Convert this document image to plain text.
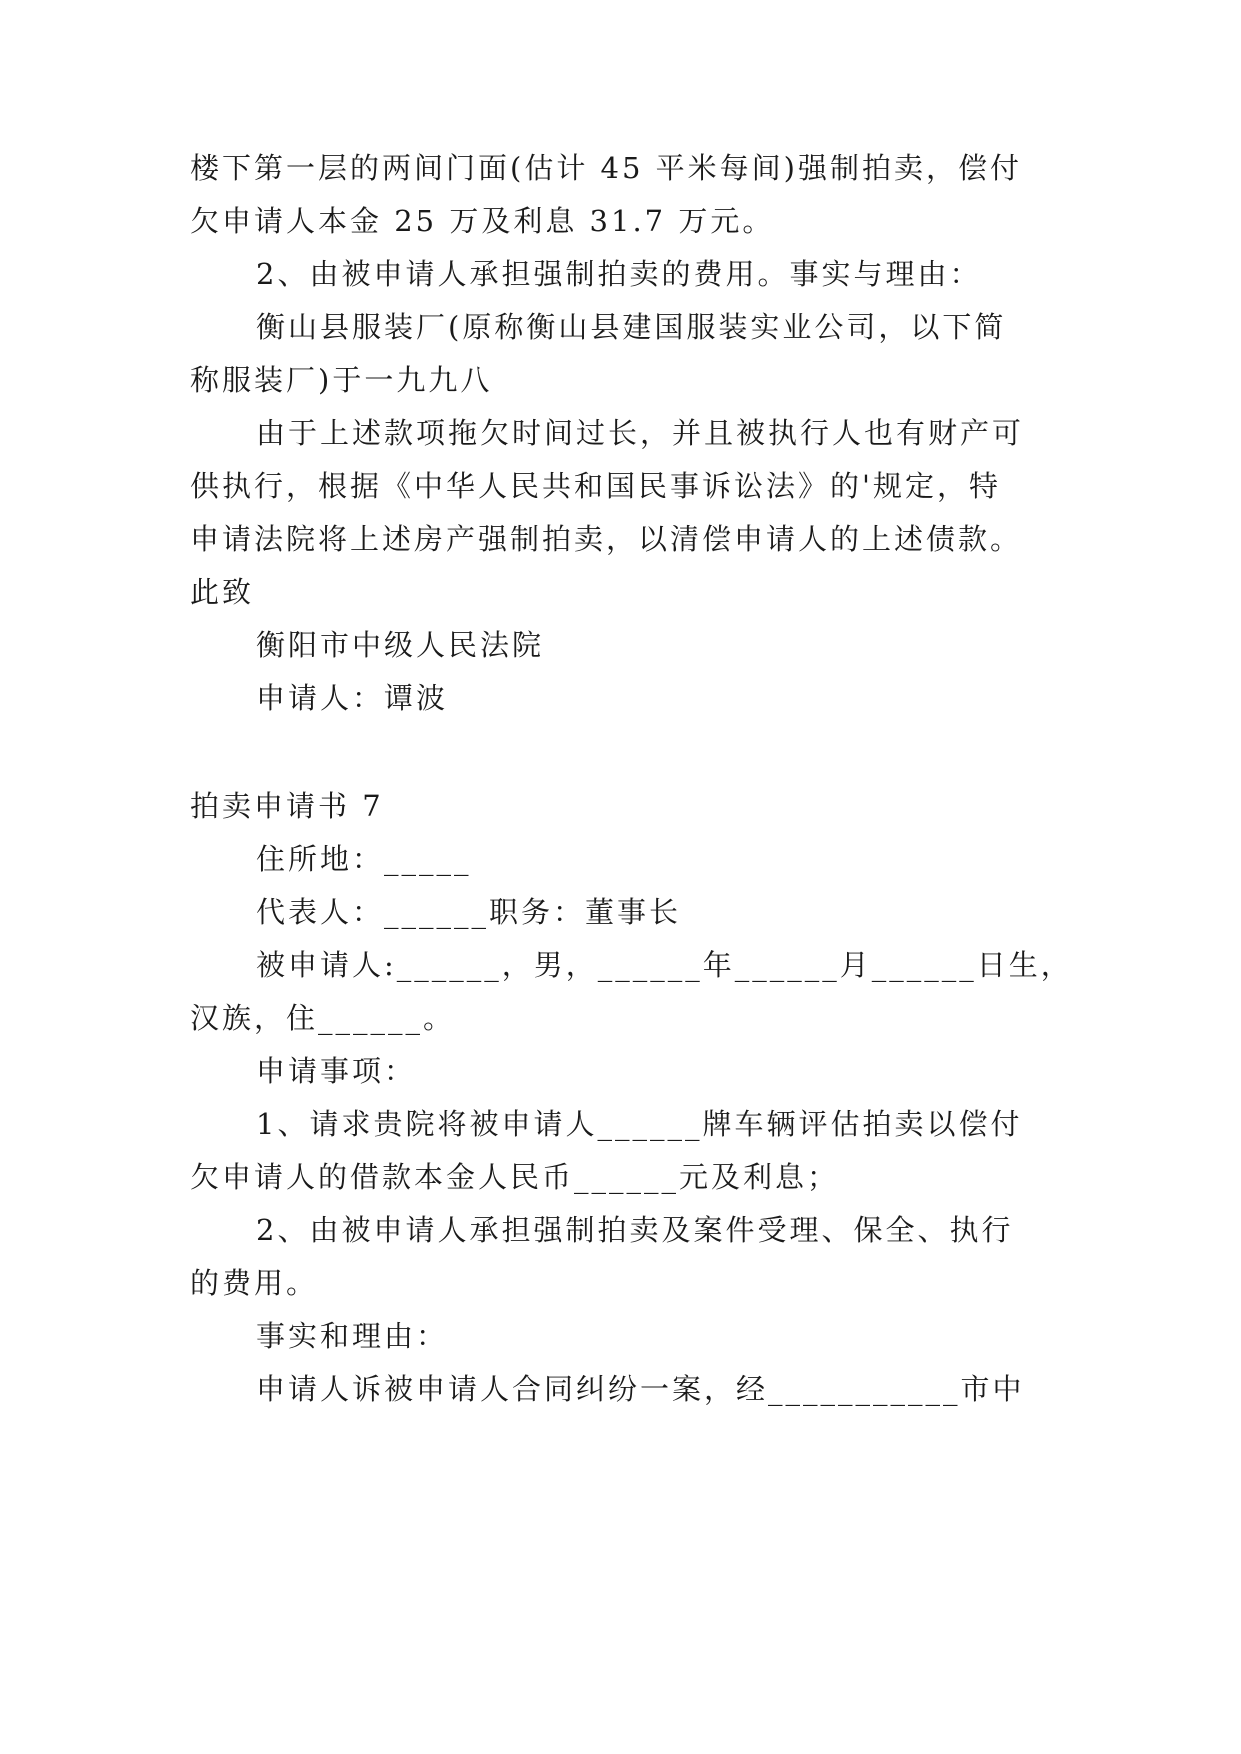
楼下第一层的两间门面(估计 45 平米每间)强制拍卖，偿付
欠申请人本金 25 万及利息 31.7 万元。
2、由被申请人承担强制拍卖的费用。事实与理由：
衡山县服装厂(原称衡山县建国服装实业公司，以下简
称服装厂)于一九九八
由于上述款项拖欠时间过长，并且被执行人也有财产可
供执行，根据《中华人民共和国民事诉讼法》的'规定，特
申请法院将上述房产强制拍卖，以清偿申请人的上述债款。
此致
衡阳市中级人民法院
申请人：谭波
拍卖申请书 7
住所地：_____
代表人：______职务：董事长
被申请人:______，男，______年______月______日生，
汉族，住______。
申请事项：
1、请求贵院将被申请人______牌车辆评估拍卖以偿付
欠申请人的借款本金人民币______元及利息；
2、由被申请人承担强制拍卖及案件受理、保全、执行
的费用。
事实和理由：
申请人诉被申请人合同纠纷一案，经___________市中
